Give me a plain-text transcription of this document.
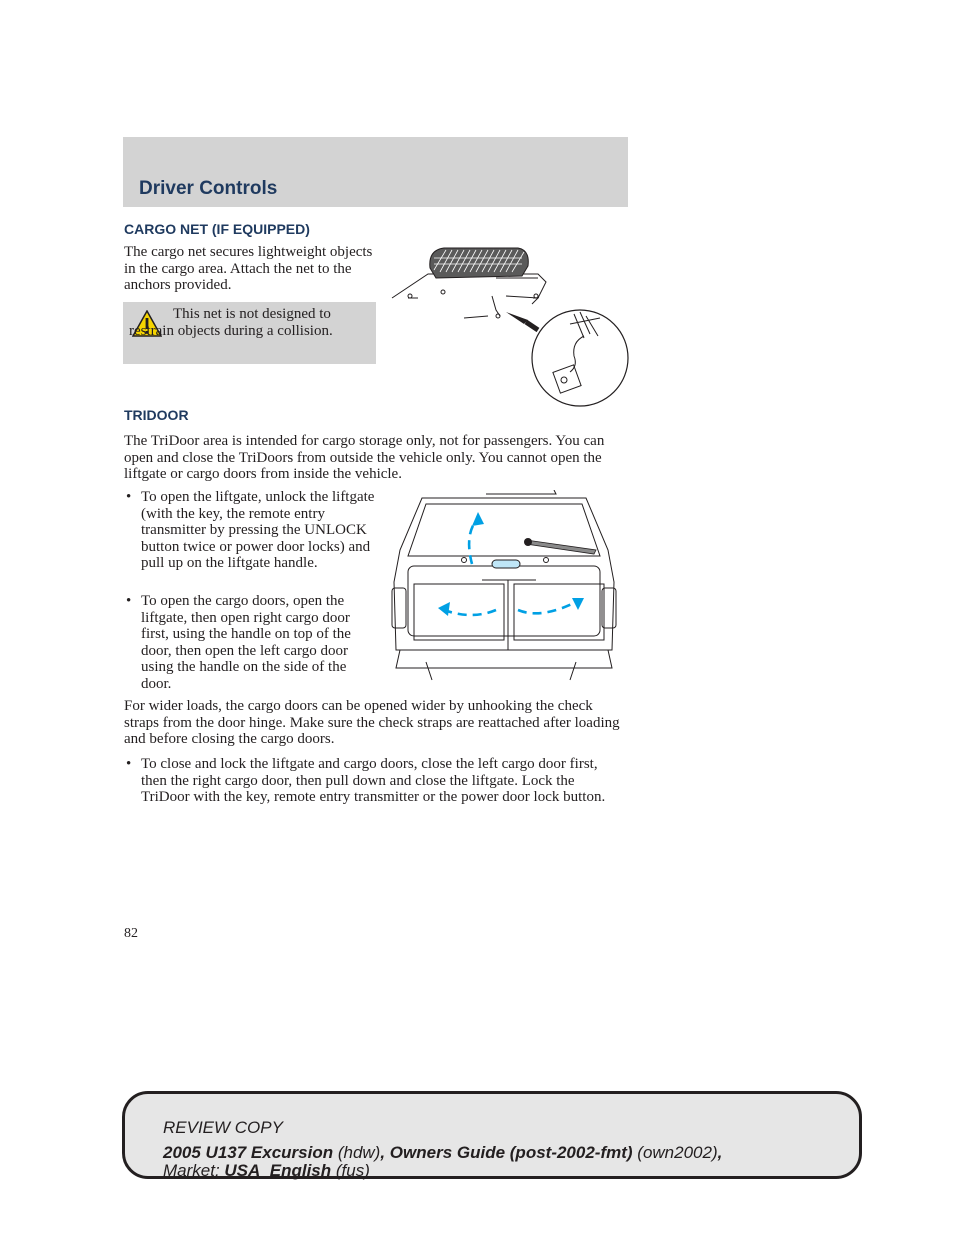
Driver Controls
CARGO NET (IF EQUIPPED)

The cargo net secures lightweight objects in the cargo area. Attach the net to the anchors provided.

This net is not designed to restrain objects during a collision.

TRIDOOR

The TriDoor area is intended for cargo storage only, not for passengers. You can open and close the TriDoors from outside the vehicle only. You cannot open the liftgate or cargo doors from inside the vehicle.

• To open the liftgate, unlock the liftgate (with the key, the remote entry transmitter by pressing the UNLOCK button twice or power door locks) and pull up on the liftgate handle.

• To open the cargo doors, open the liftgate, then open right cargo door first, using the handle on top of the door, then open the left cargo door using the handle on the side of the door.

For wider loads, the cargo doors can be opened wider by unhooking the check straps from the door hinge. Make sure the check straps are reattached after loading and before closing the cargo doors.

• To close and lock the liftgate and cargo doors, close the left cargo door first, then the right cargo door, then pull down and close the liftgate. Lock the TriDoor with the key, remote entry transmitter or the power door lock button.

82
REVIEW COPY
2005 U137 Excursion (hdw), Owners Guide (post-2002-fmt) (own2002),
Market: USA_English (fus)
